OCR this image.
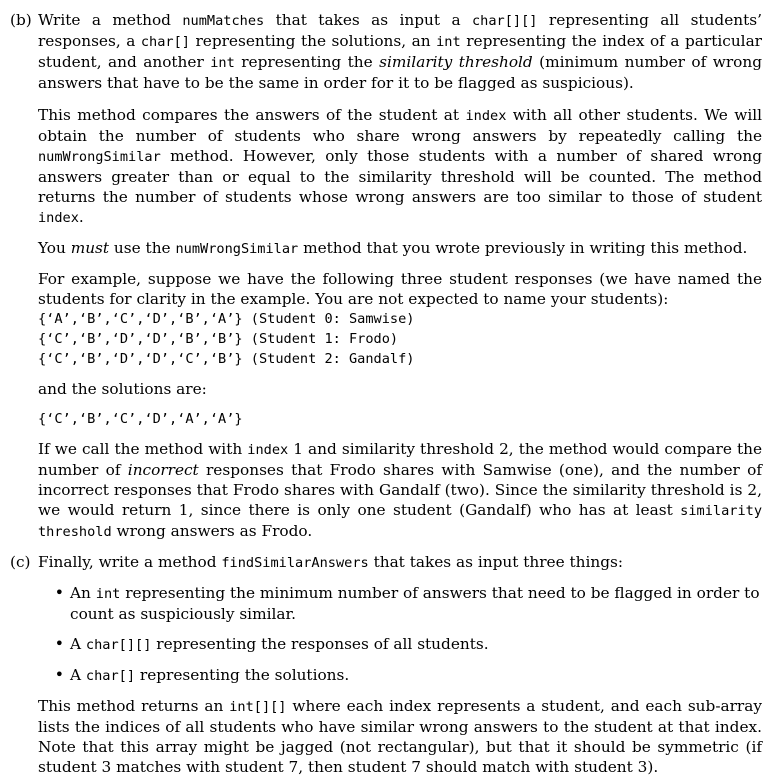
(b) Write a method numMatches that takes as input a char[][] representing all students’ responses, a char[] representing the solutions, an int representing the index of a particular student, and another int representing the similarity threshold (minimum number of wrong answers that have to be the same in order for it to be flagged as suspicious).

This method compares the answers of the student at index with all other students. We will obtain the number of students who share wrong answers by repeatedly calling the numWrongSimilar method. However, only those students with a number of shared wrong answers greater than or equal to the similarity threshold will be counted. The method returns the number of students whose wrong answers are too similar to those of student index.

You must use the numWrongSimilar method that you wrote previously in writing this method.

For example, suppose we have the following three student responses (we have named the students for clarity in the example. You are not expected to name your students):

{‘A’,‘B’,‘C’,‘D’,‘B’,‘A’} (Student 0: Samwise)
{‘C’,‘B’,‘D’,‘D’,‘B’,‘B’} (Student 1: Frodo)
{‘C’,‘B’,‘D’,‘D’,‘C’,‘B’} (Student 2: Gandalf)

and the solutions are:

{‘C’,‘B’,‘C’,‘D’,‘A’,‘A’}

If we call the method with index 1 and similarity threshold 2, the method would compare the number of incorrect responses that Frodo shares with Samwise (one), and the number of incorrect responses that Frodo shares with Gandalf (two). Since the similarity threshold is 2, we would return 1, since there is only one student (Gandalf) who has at least similarity threshold wrong answers as Frodo.

(c) Finally, write a method findSimilarAnswers that takes as input three things:

•
An int representing the minimum number of answers that need to be flagged in order to count as suspiciously similar.
•
A char[][] representing the responses of all students.
•
A char[] representing the solutions.

This method returns an int[][] where each index represents a student, and each sub-array lists the indices of all students who have similar wrong answers to the student at that index. Note that this array might be jagged (not rectangular), but that it should be symmetric (if student 3 matches with student 7, then student 7 should match with student 3).
